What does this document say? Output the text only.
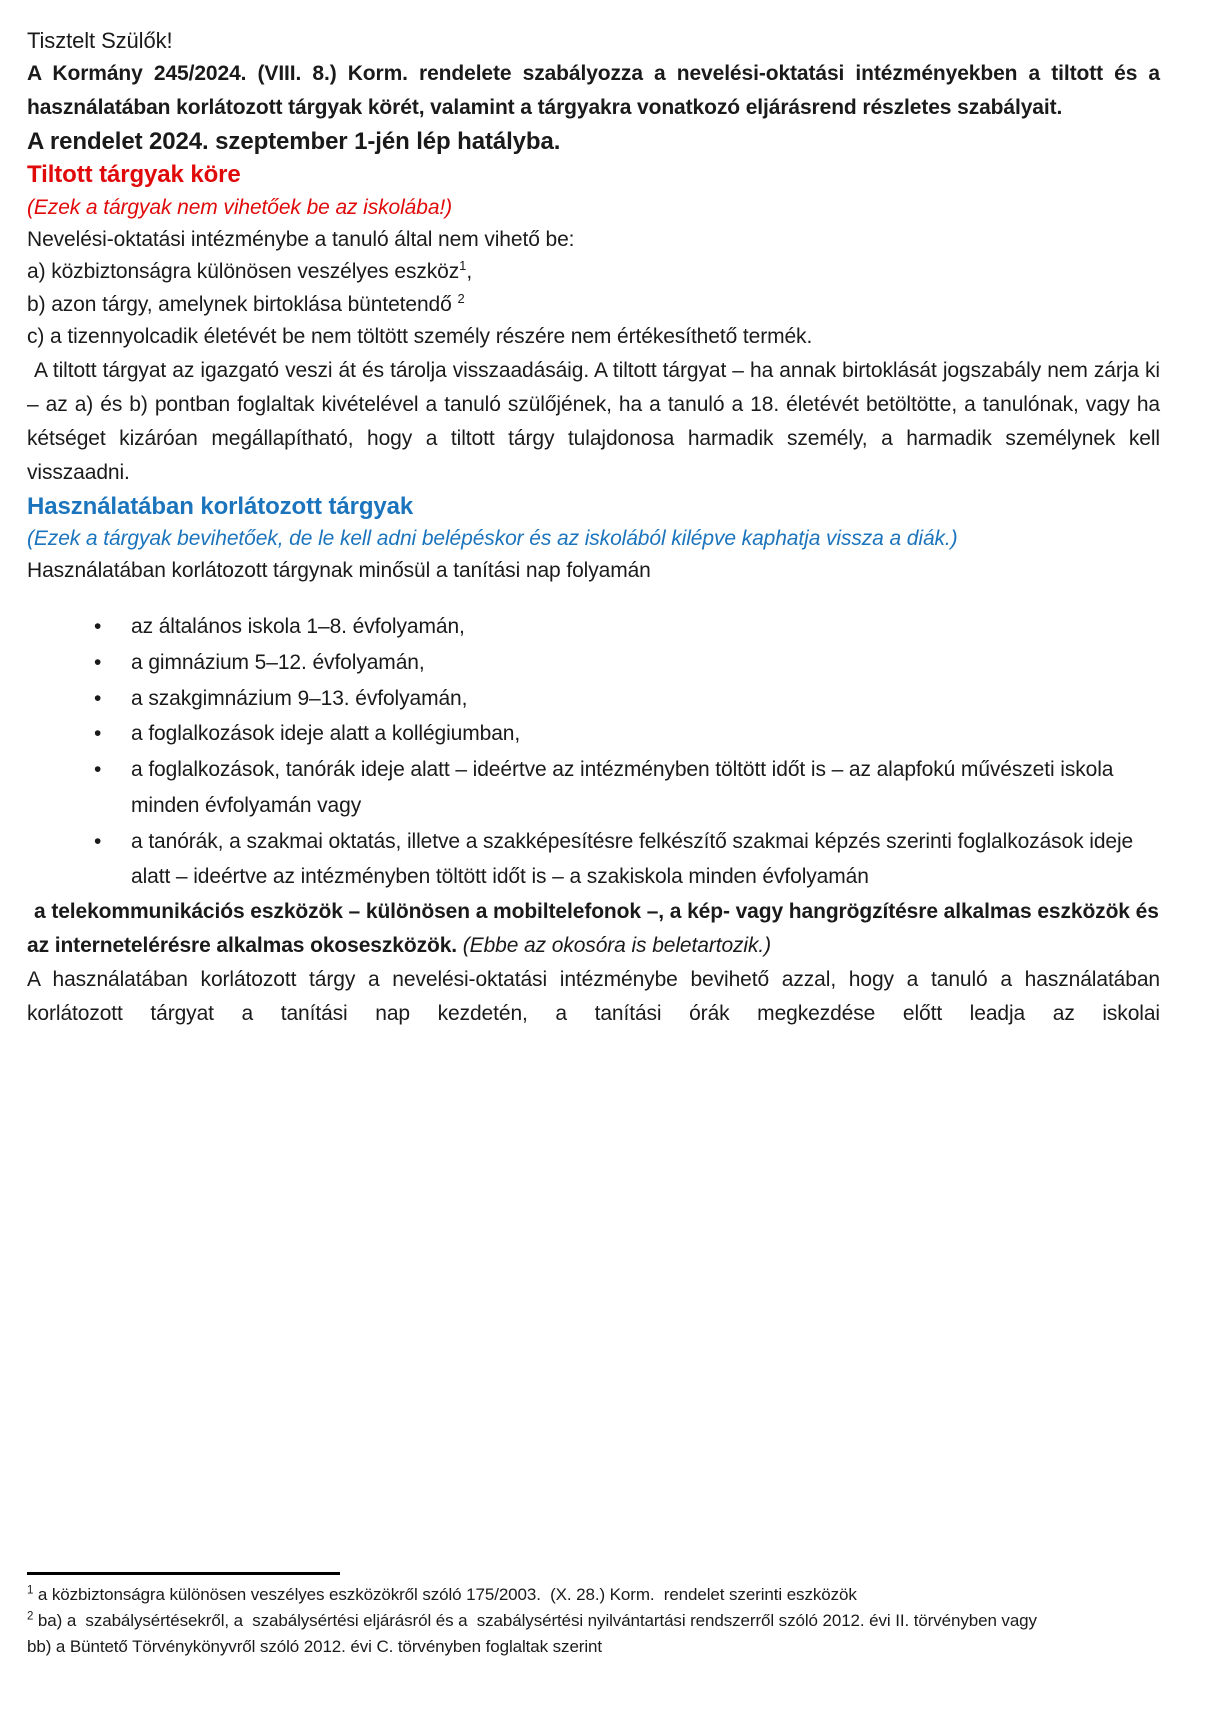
Tisztelt Szülők!

A Kormány 245/2024. (VIII. 8.) Korm. rendelete szabályozza a nevelési-oktatási intézményekben a tiltott és a használatában korlátozott tárgyak körét, valamint a tárgyakra vonatkozó eljárásrend részletes szabályait.

A rendelet 2024. szeptember 1-jén lép hatályba.

Tiltott tárgyak köre

(Ezek a tárgyak nem vihetőek be az iskolába!)

Nevelési-oktatási intézménybe a tanuló által nem vihető be:

a) közbiztonságra különösen veszélyes eszköz$^1$,

b) azon tárgy, amelynek birtoklása büntetendő $^2$

c) a tizennyolcadik életévét be nem töltött személy részére nem értékesíthető termék.

A tiltott tárgyat az igazgató veszi át és tárolja visszaadásáig. A tiltott tárgyat – ha annak birtoklását jogszabály nem zárja ki – az a) és b) pontban foglaltak kivételével a tanuló szülőjének, ha a tanuló a 18. életévét betöltötte, a tanulónak, vagy ha kétséget kizáróan megállapítható, hogy a tiltott tárgy tulajdonosa harmadik személy, a harmadik személynek kell visszaadni.

Használatában korlátozott tárgyak

(Ezek a tárgyak bevihetőek, de le kell adni belépéskor és az iskolából kilépve kaphatja vissza a diák.)

Használatában korlátozott tárgynak minősül a tanítási nap folyamán

• az általános iskola 1–8. évfolyamán,
• a gimnázium 5–12. évfolyamán,
• a szakgimnázium 9–13. évfolyamán,
• a foglalkozások ideje alatt a kollégiumban,
• a foglalkozások, tanórák ideje alatt – ideértve az intézményben töltött időt is – az alapfokú művészeti iskola minden évfolyamán vagy
• a tanórák, a szakmai oktatás, illetve a szakképesítésre felkészítő szakmai képzés szerinti foglalkozások ideje alatt – ideértve az intézményben töltött időt is – a szakiskola minden évfolyamán

a telekommunikációs eszközök – különösen a mobiltelefonok –, a kép- vagy hangrögzítésre alkalmas eszközök és az internetelérésre alkalmas okoseszközök. (Ebbe az okosóra is beletartozik.)

A használatában korlátozott tárgy a nevelési-oktatási intézménybe bevihető azzal, hogy a tanuló a használatában korlátozott tárgyat a tanítási nap kezdetén, a tanítási órák megkezdése előtt leadja az iskolai

$^1$ a közbiztonságra különösen veszélyes eszközökről szóló 175/2003.  (X. 28.) Korm.  rendelet szerinti eszközök

$^2$ ba) a  szabálysértésekről, a  szabálysértési eljárásról és a  szabálysértési nyilvántartási rendszerről szóló 2012. évi II. törvényben vagy

bb) a Büntető Törvénykönyvről szóló 2012. évi C. törvényben foglaltak szerint
